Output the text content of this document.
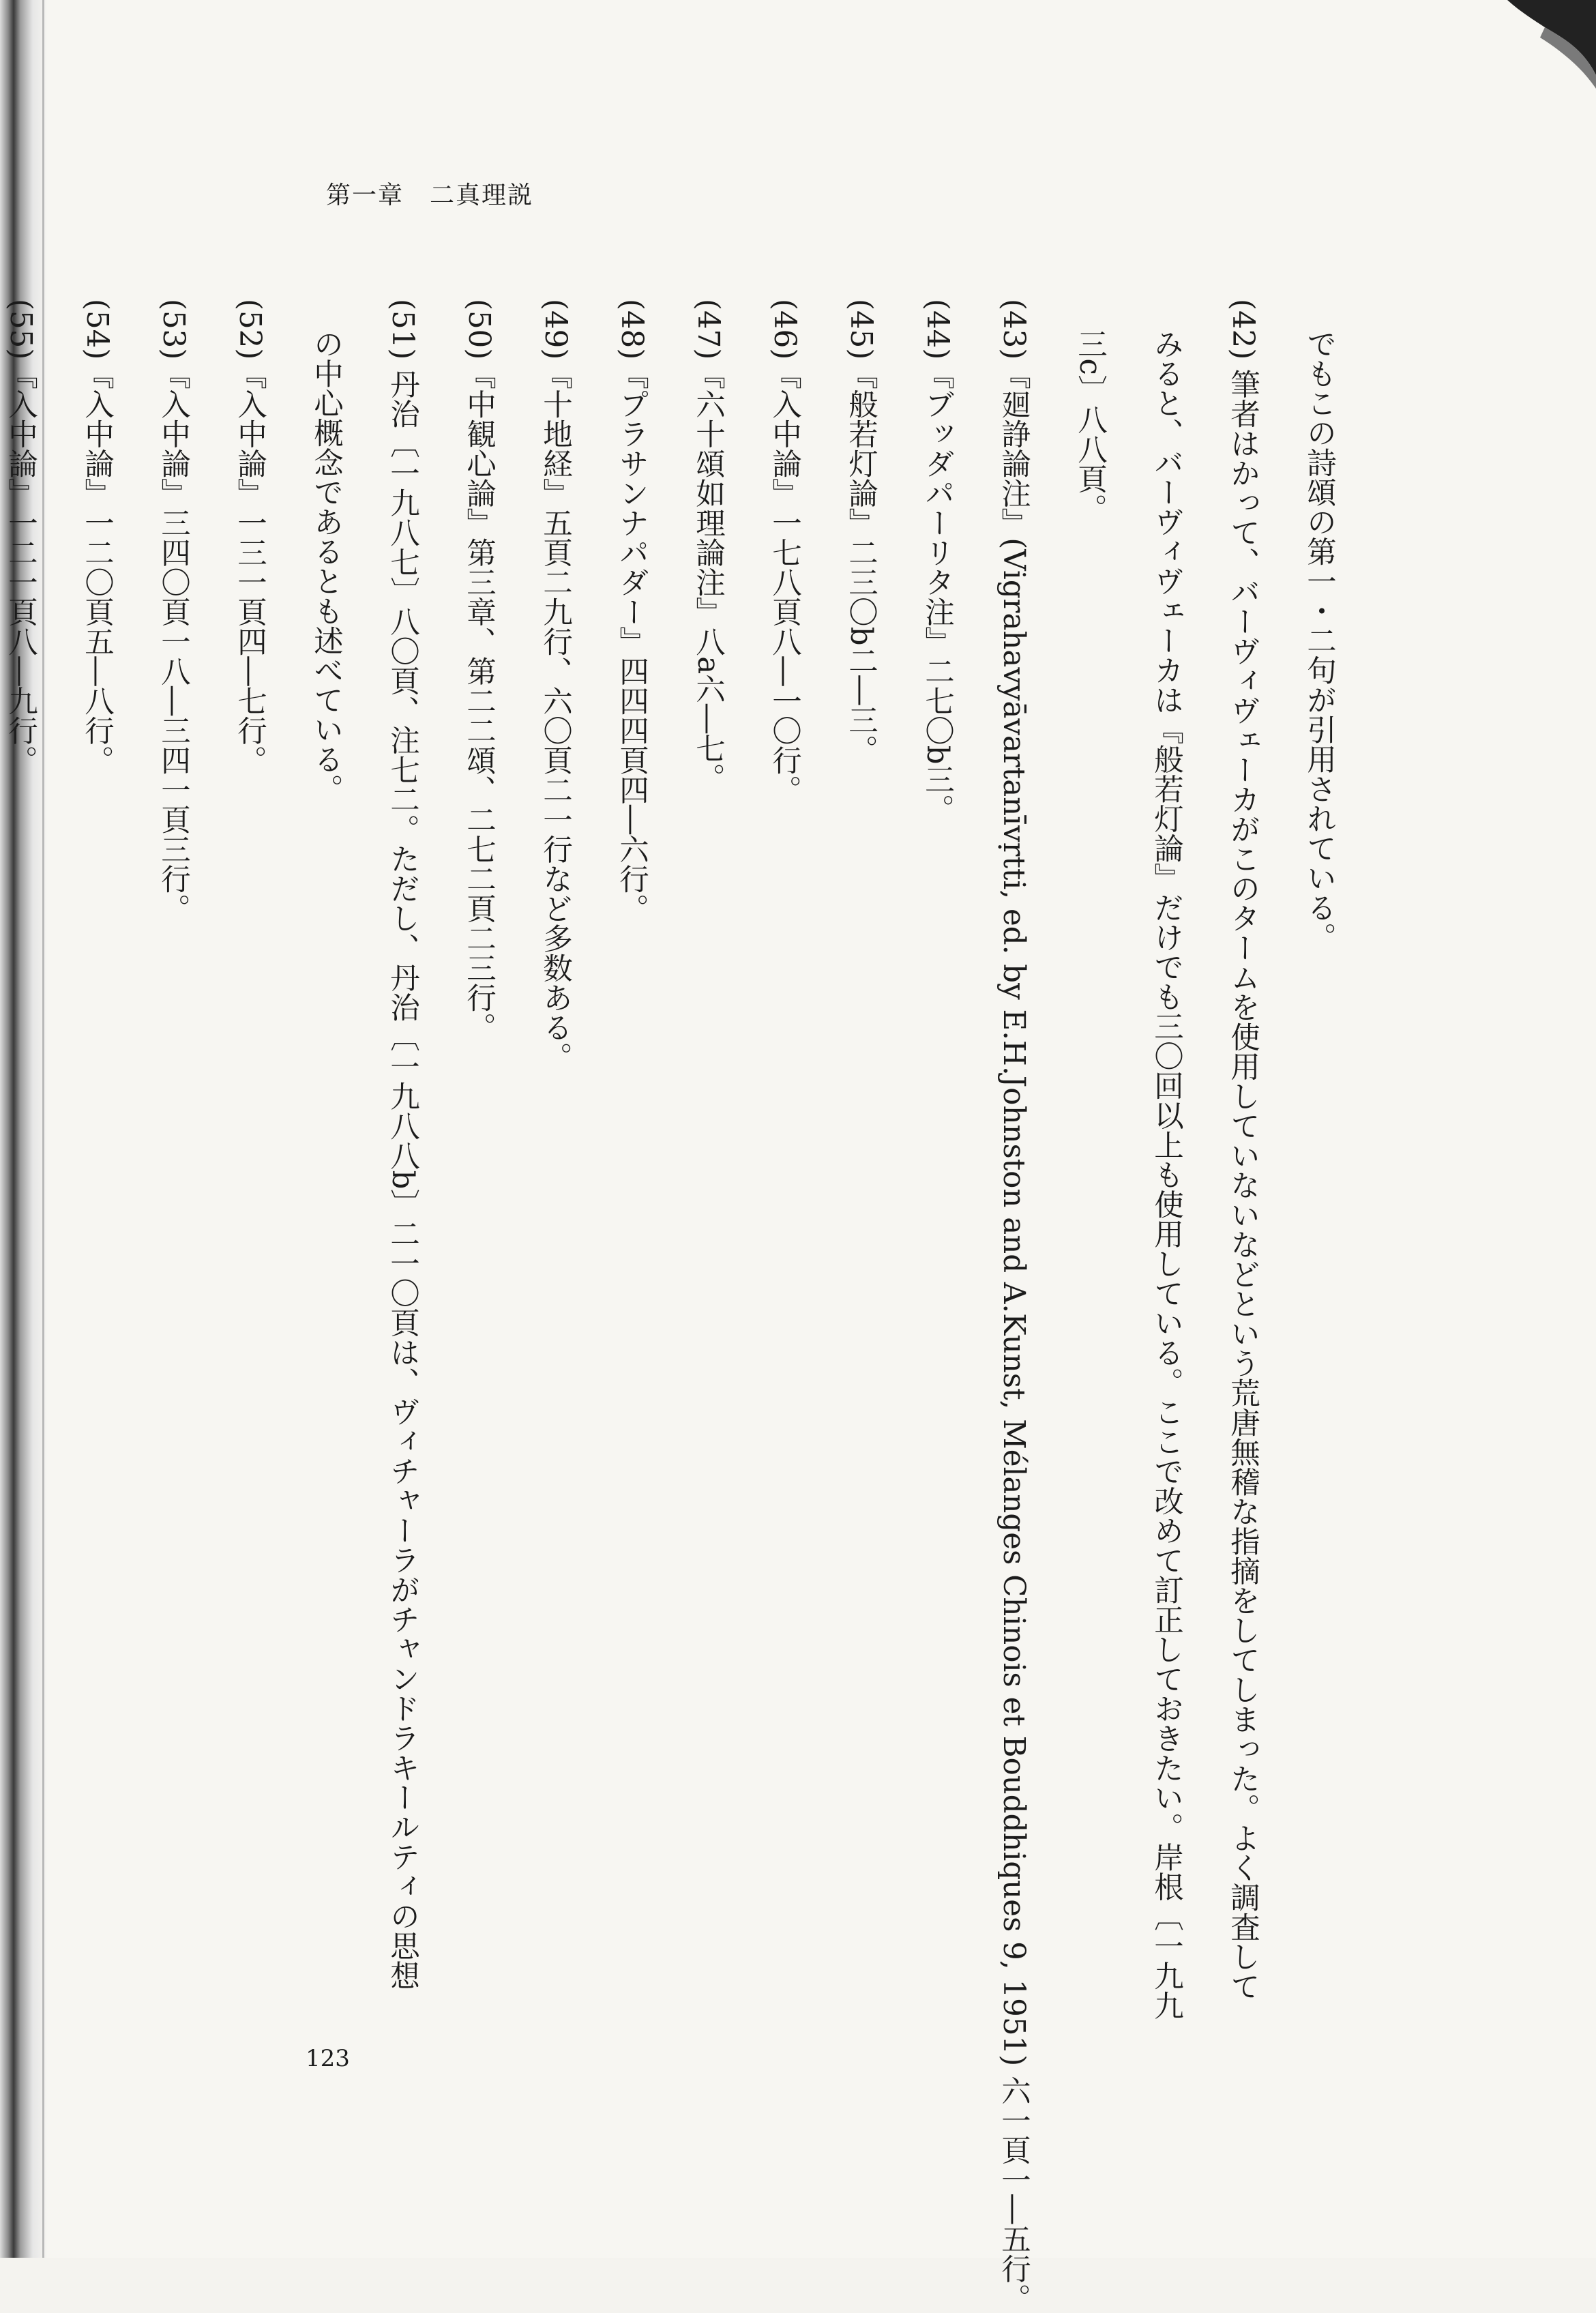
第一章　二真理説
でもこの詩頌の第一・二句が引用されている。
(42) 筆者はかって、バーヴィヴェーカがこのタームを使用していないなどという荒唐無稽な指摘をしてしまった。よく調査して
みると、バーヴィヴェーカは『般若灯論』だけでも三〇回以上も使用している。ここで改めて訂正しておきたい。岸根〔一九九
三c〕八八頁。
(43)『廻諍論注』(Vigrahavyāvartanīvṛtti, ed. by E.H.Johnston and A.Kunst, Mélanges Chinois et Bouddhiques 9, 1951) 六一頁一―五行。
(44)『ブッダパーリタ注』二七〇b三。
(45)『般若灯論』二三〇b二―三。
(46)『入中論』一七八頁八―一〇行。
(47)『六十頌如理論注』八a六―七。
(48)『プラサンナパダー』四四四頁四―六行。
(49)『十地経』五頁二九行、六〇頁二一行など多数ある。
(50)『中観心論』第三章、第二二頌、二七二頁二三行。
(51) 丹治〔一九八七〕八〇頁、注七二。ただし、丹治〔一九八八b〕二一〇頁は、ヴィチャーラがチャンドラキールティの思想
の中心概念であるとも述べている。
(52)『入中論』一三一頁四―七行。
(53)『入中論』三四〇頁一八―三四一頁三行。
(54)『入中論』一二〇頁五―八行。
(55)『入中論』一二一頁八―九行。
123
